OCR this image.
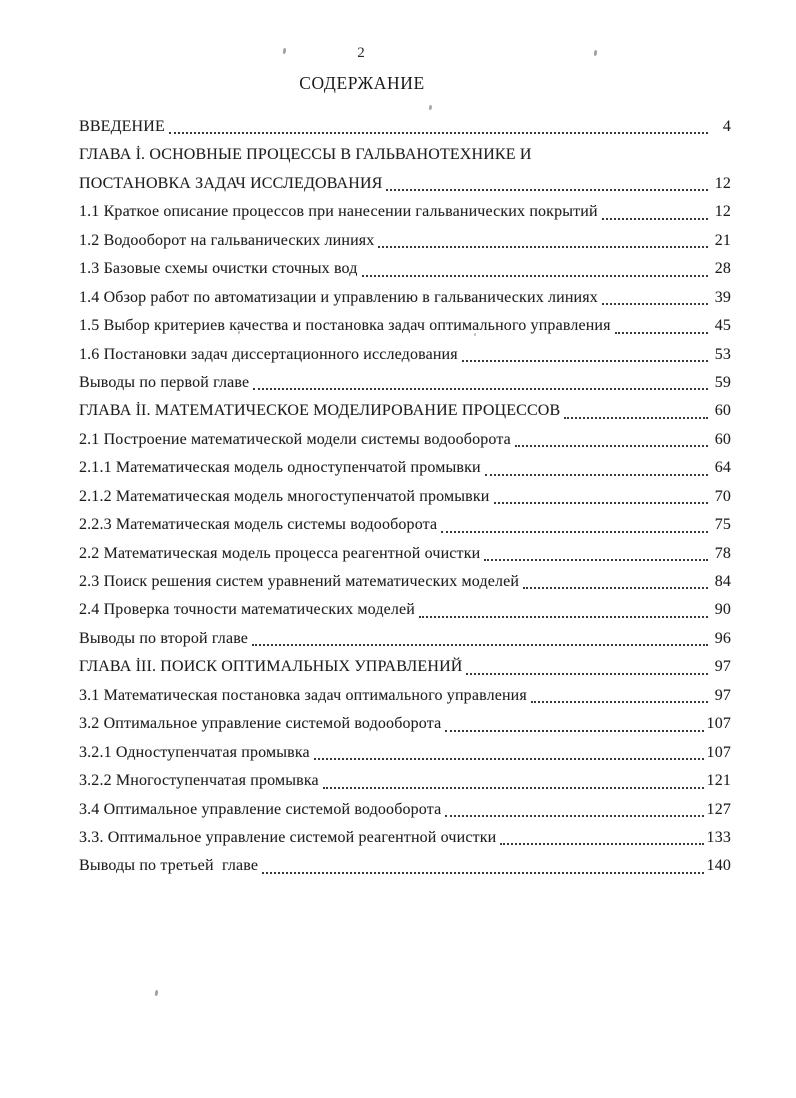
2
СОДЕРЖАНИЕ
ВВЕДЕНИЕ	4
ГЛАВА İ. ОСНОВНЫЕ ПРОЦЕССЫ В ГАЛЬВАНОТЕХНИКЕ И
ПОСТАНОВКА ЗАДАЧ ИССЛЕДОВАНИЯ	12
1.1 Краткое описание процессов при нанесении гальванических покрытий	12
1.2 Водооборот на гальванических линиях	21
1.3 Базовые схемы очистки сточных вод	28
1.4 Обзор работ по автоматизации и управлению в гальванических линиях	39
1.5 Выбор критериев качества и постановка задач оптимального управления	45
1.6 Постановки задач диссертационного исследования	53
Выводы по первой главе	59
ГЛАВА İI. МАТЕМАТИЧЕСКОЕ МОДЕЛИРОВАНИЕ ПРОЦЕССОВ	60
2.1 Построение математической модели системы водооборота	60
2.1.1 Математическая модель одноступенчатой промывки	64
2.1.2 Математическая модель многоступенчатой промывки	70
2.2.3 Математическая модель системы водооборота	75
2.2 Математическая модель процесса реагентной очистки	78
2.3 Поиск решения систем уравнений математических моделей	84
2.4 Проверка точности математических моделей	90
Выводы по второй главе	96
ГЛАВА İII. ПОИСК ОПТИМАЛЬНЫХ УПРАВЛЕНИЙ	97
3.1 Математическая постановка задач оптимального управления	97
3.2 Оптимальное управление системой водооборота	107
3.2.1 Одноступенчатая промывка	107
3.2.2 Многоступенчатая промывка	121
3.4 Оптимальное управление системой водооборота	127
3.3. Оптимальное управление системой реагентной очистки	133
Выводы по третьей  главе	140
